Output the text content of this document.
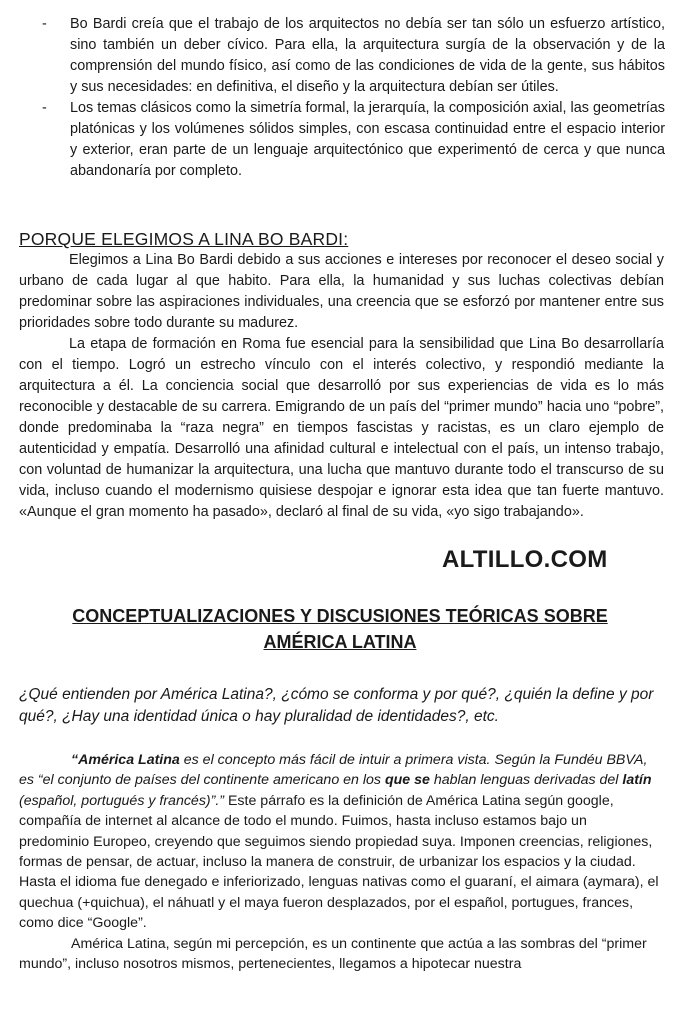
-	Bo Bardi creía que el trabajo de los arquitectos no debía ser tan sólo un esfuerzo artístico, sino también un deber cívico. Para ella, la arquitectura surgía de la observación y de la comprensión del mundo físico, así como de las condiciones de vida de la gente, sus hábitos y sus necesidades: en definitiva, el diseño y la arquitectura debían ser útiles.
-	Los temas clásicos como la simetría formal, la jerarquía, la composición axial, las geometrías platónicas y los volúmenes sólidos simples, con escasa continuidad entre el espacio interior y exterior, eran parte de un lenguaje arquitectónico que experimentó de cerca y que nunca abandonaría por completo.
PORQUE ELEGIMOS A LINA BO BARDI:

Elegimos a Lina Bo Bardi debido a sus acciones e intereses por reconocer el deseo social y urbano de cada lugar al que habito. Para ella, la humanidad y sus luchas colectivas debían predominar sobre las aspiraciones individuales, una creencia que se esforzó por mantener entre sus prioridades sobre todo durante su madurez.

La etapa de formación en Roma fue esencial para la sensibilidad que Lina Bo desarrollaría con el tiempo. Logró un estrecho vínculo con el interés colectivo, y respondió mediante la arquitectura a él. La conciencia social que desarrolló por sus experiencias de vida es lo más reconocible y destacable de su carrera. Emigrando de un país del “primer mundo” hacia uno “pobre”, donde predominaba la “raza negra” en tiempos fascistas y racistas, es un claro ejemplo de autenticidad y empatía. Desarrolló una afinidad cultural e intelectual con el país, un intenso trabajo, con voluntad de humanizar la arquitectura, una lucha que mantuvo durante todo el transcurso de su vida, incluso cuando el modernismo quisiese despojar e ignorar esta idea que tan fuerte mantuvo. «Aunque el gran momento ha pasado», declaró al final de su vida, «yo sigo trabajando».

ALTILLO.COM
CONCEPTUALIZACIONES Y DISCUSIONES TEÓRICAS SOBRE
AMÉRICA LATINA
¿Qué entienden por América Latina?, ¿cómo se conforma y por qué?, ¿quién la define y por qué?, ¿Hay una identidad única o hay pluralidad de identidades?, etc.

“América Latina es el concepto más fácil de intuir a primera vista. Según la Fundéu BBVA, es “el conjunto de países del continente americano en los que se hablan lenguas derivadas del latín (español, portugués y francés)”.” Este párrafo es la definición de América Latina según google, compañía de internet al alcance de todo el mundo. Fuimos, hasta incluso estamos bajo un predominio Europeo, creyendo que seguimos siendo propiedad suya. Imponen creencias, religiones, formas de pensar, de actuar, incluso la manera de construir, de urbanizar los espacios y la ciudad. Hasta el idioma fue denegado e inferiorizado, lenguas nativas como el guaraní, el aimara (aymara), el quechua (+quichua), el náhuatl y el maya fueron desplazados, por el español, portugues, frances, como dice “Google”.

América Latina, según mi percepción, es un continente que actúa a las sombras del “primer mundo”, incluso nosotros mismos, pertenecientes, llegamos a hipotecar nuestra
